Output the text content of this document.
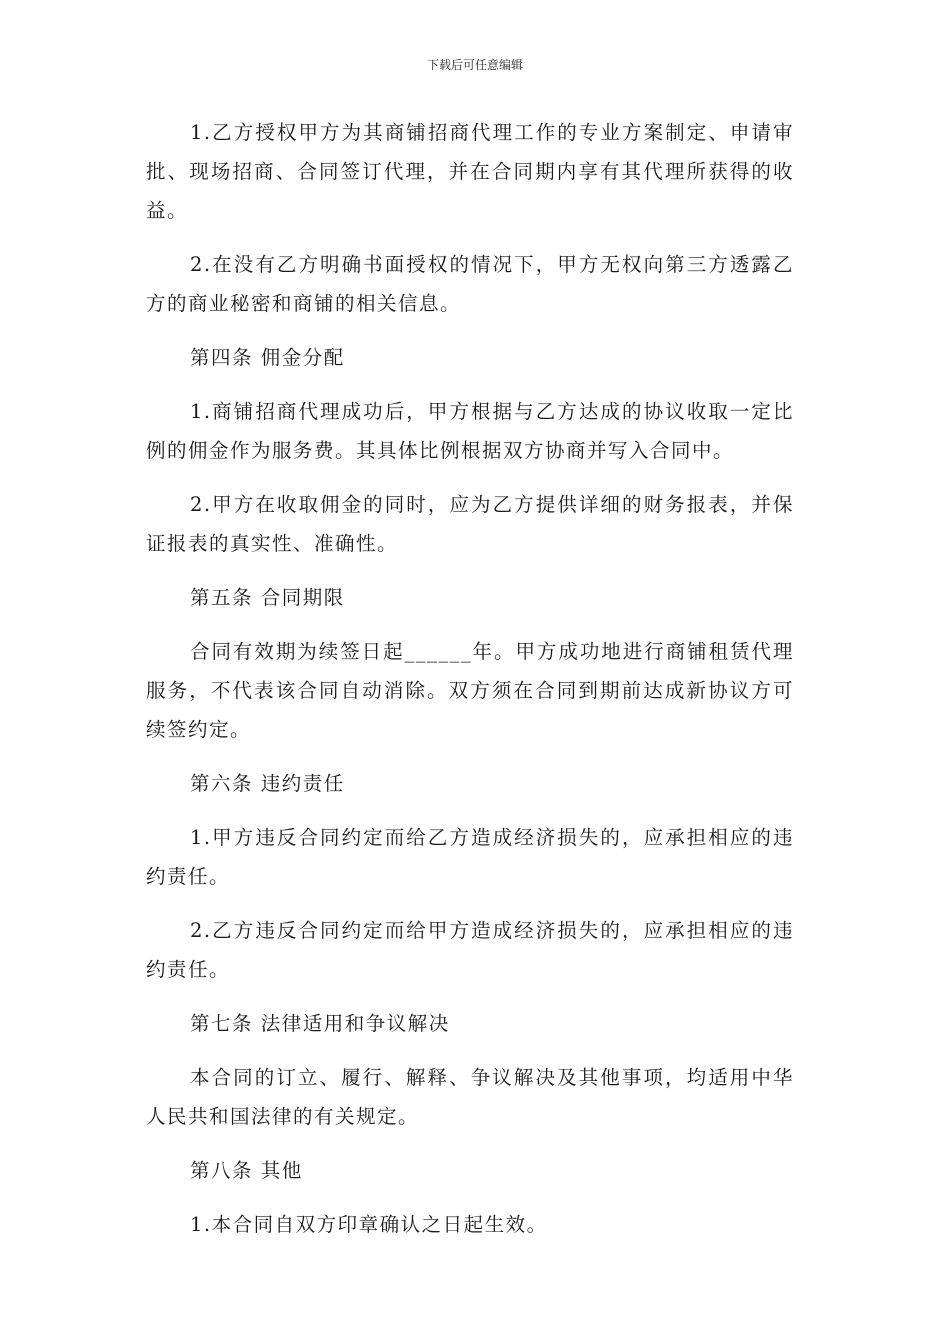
下载后可任意编辑

1.乙方授权甲方为其商铺招商代理工作的专业方案制定、申请审批、现场招商、合同签订代理，并在合同期内享有其代理所获得的收益。

2.在没有乙方明确书面授权的情况下，甲方无权向第三方透露乙方的商业秘密和商铺的相关信息。

第四条 佣金分配

1.商铺招商代理成功后，甲方根据与乙方达成的协议收取一定比例的佣金作为服务费。其具体比例根据双方协商并写入合同中。

2.甲方在收取佣金的同时，应为乙方提供详细的财务报表，并保证报表的真实性、准确性。

第五条 合同期限

合同有效期为续签日起______年。甲方成功地进行商铺租赁代理服务，不代表该合同自动消除。双方须在合同到期前达成新协议方可续签约定。

第六条 违约责任

1.甲方违反合同约定而给乙方造成经济损失的，应承担相应的违约责任。

2.乙方违反合同约定而给甲方造成经济损失的，应承担相应的违约责任。

第七条 法律适用和争议解决

本合同的订立、履行、解释、争议解决及其他事项，均适用中华人民共和国法律的有关规定。

第八条 其他

1.本合同自双方印章确认之日起生效。
